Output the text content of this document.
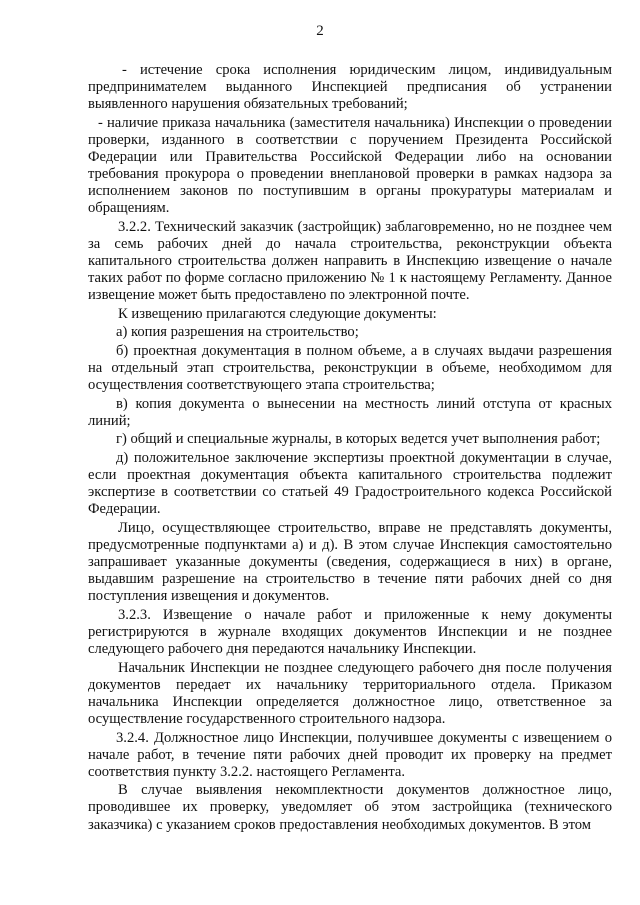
2

- истечение срока исполнения юридическим лицом, индивидуальным предпринимателем выданного Инспекцией предписания об устранении выявленного нарушения обязательных требований;

- наличие приказа начальника (заместителя начальника) Инспекции о проведении проверки, изданного в соответствии с поручением Президента Российской Федерации или Правительства Российской Федерации либо на основании требования прокурора о проведении внеплановой проверки в рамках надзора за исполнением законов по поступившим в органы прокуратуры материалам и обращениям.

3.2.2. Технический заказчик (застройщик) заблаговременно, но не позднее чем за семь рабочих дней до начала строительства, реконструкции объекта капитального строительства должен направить в Инспекцию извещение о начале таких работ по форме согласно приложению № 1 к настоящему Регламенту. Данное извещение может быть предоставлено по электронной почте.

К извещению прилагаются следующие документы:

а) копия разрешения на строительство;

б) проектная документация в полном объеме, а в случаях выдачи разрешения на отдельный этап строительства, реконструкции в объеме, необходимом для осуществления соответствующего этапа строительства;

в) копия документа о вынесении на местность линий отступа от красных линий;

г) общий и специальные журналы, в которых ведется учет выполнения работ;

д) положительное заключение экспертизы проектной документации в случае, если проектная документация объекта капитального строительства подлежит экспертизе в соответствии со статьей 49 Градостроительного кодекса Российской Федерации.

Лицо, осуществляющее строительство, вправе не представлять документы, предусмотренные подпунктами а) и д). В этом случае Инспекция самостоятельно запрашивает указанные документы (сведения, содержащиеся в них) в органе, выдавшим разрешение на строительство в течение пяти рабочих дней со дня поступления извещения и документов.

3.2.3. Извещение о начале работ и приложенные к нему документы регистрируются в журнале входящих документов Инспекции и не позднее следующего рабочего дня передаются начальнику Инспекции.

Начальник Инспекции не позднее следующего рабочего дня после получения документов передает их начальнику территориального отдела. Приказом начальника Инспекции определяется должностное лицо, ответственное за осуществление государственного строительного надзора.

3.2.4. Должностное лицо Инспекции, получившее документы с извещением о начале работ, в течение пяти рабочих дней проводит их проверку на предмет соответствия пункту 3.2.2. настоящего Регламента.

В случае выявления некомплектности документов должностное лицо, проводившее их проверку, уведомляет об этом застройщика (технического заказчика) с указанием сроков предоставления необходимых документов. В этом
